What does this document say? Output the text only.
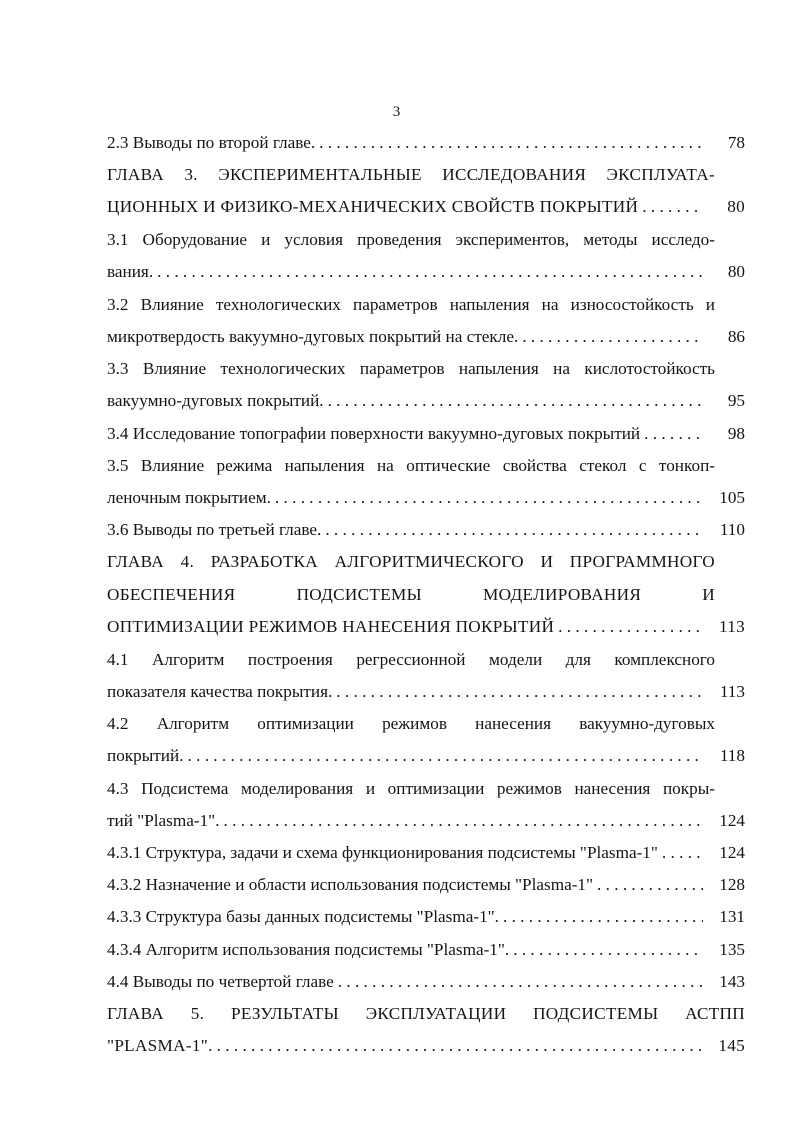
3
2.3 Выводы по второй главе. . . .	78
ГЛАВА 3. ЭКСПЕРИМЕНТАЛЬНЫЕ ИССЛЕДОВАНИЯ ЭКСПЛУАТА-
ЦИОННЫХ И ФИЗИКО-МЕХАНИЧЕСКИХ СВОЙСТВ ПОКРЫТИЙ . . .	80
3.1 Оборудование и условия проведения экспериментов, методы исследо-
вания. . . .	80
3.2 Влияние технологических параметров напыления на износостойкость и
микротвердость вакуумно-дуговых покрытий на стекле. . . .	86
3.3 Влияние технологических параметров напыления на кислотостойкость
вакуумно-дуговых покрытий. . . .	95
3.4 Исследование топографии поверхности вакуумно-дуговых покрытий . . .	98
3.5 Влияние режима напыления на оптические свойства стекол с тонкоп-
леночным покрытием. . . .	105
3.6 Выводы по третьей главе. . . .	110
ГЛАВА 4. РАЗРАБОТКА АЛГОРИТМИЧЕСКОГО И ПРОГРАММНОГО
ОБЕСПЕЧЕНИЯ	ПОДСИСТЕМЫ	МОДЕЛИРОВАНИЯ	И
ОПТИМИЗАЦИИ РЕЖИМОВ НАНЕСЕНИЯ ПОКРЫТИЙ . . .	113
4.1 Алгоритм построения регрессионной модели для комплексного
показателя качества покрытия. . . .	113
4.2 Алгоритм оптимизации режимов нанесения вакуумно-дуговых
покрытий. . . .	118
4.3 Подсистема моделирования и оптимизации режимов нанесения покры-
тий "Plasma-1". . . .	124
4.3.1 Структура, задачи и схема функционирования подсистемы "Plasma-1" . . .	124
4.3.2 Назначение и области использования подсистемы "Plasma-1" . . .	128
4.3.3 Структура базы данных подсистемы "Plasma-1". . . .	131
4.3.4 Алгоритм использования подсистемы "Plasma-1". . . .	135
4.4 Выводы по четвертой главе . . .	143
ГЛАВА 5. РЕЗУЛЬТАТЫ ЭКСПЛУАТАЦИИ ПОДСИСТЕМЫ АСТПП
"PLASMA-1". . . .	145
